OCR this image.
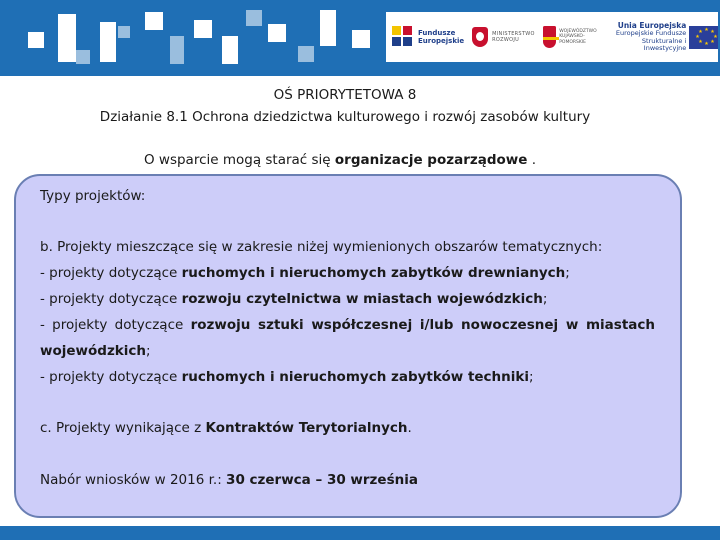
Fundusze
Europejskie
MINISTERSTWO
ROZWOJU
WOJEWÓDZTWO
KUJAWSKO-POMORSKIE
Unia Europejska
Europejskie Fundusze
Strukturalne i Inwestycyjne
★ ★
★
★
★
★
★
★
OŚ PRIORYTETOWA 8
Działanie 8.1 Ochrona dziedzictwa kulturowego i rozwój zasobów kultury
O wsparcie mogą starać się organizacje pozarządowe .
Typy projektów:
b. Projekty mieszczące się w zakresie niżej wymienionych obszarów tematycznych:
- projekty dotyczące ruchomych i nieruchomych zabytków drewnianych;
- projekty dotyczące rozwoju czytelnictwa w miastach wojewódzkich;
- projekty dotyczące rozwoju sztuki współczesnej i/lub nowoczesnej w miastach
wojewódzkich;
- projekty dotyczące ruchomych i nieruchomych zabytków techniki;
c. Projekty wynikające z Kontraktów Terytorialnych.
Nabór wniosków w 2016 r.: 30 czerwca – 30 września
